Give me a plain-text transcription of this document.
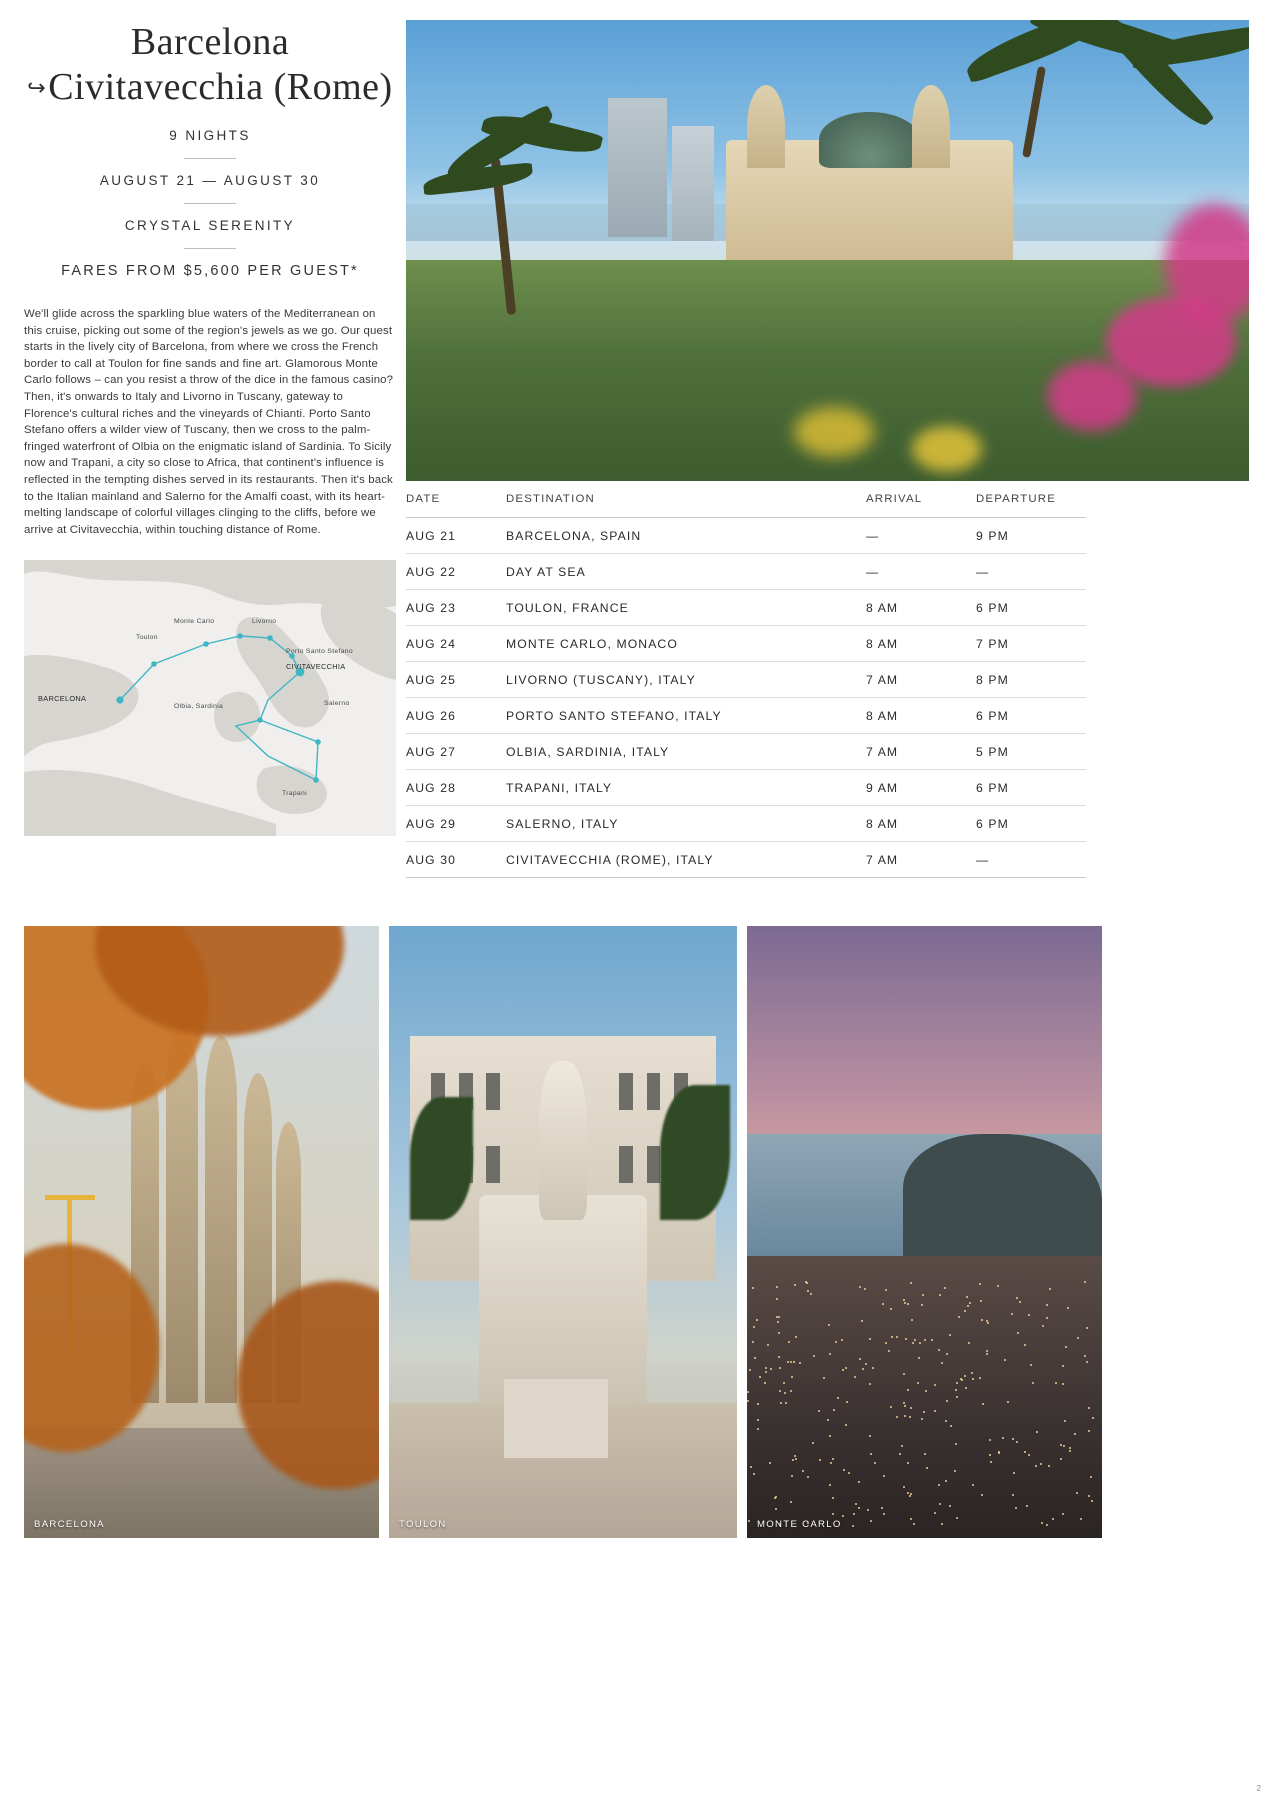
Barcelona
↪Civitavecchia (Rome)
9 NIGHTS
AUGUST 21 — AUGUST 30
CRYSTAL SERENITY
FARES FROM $5,600 PER GUEST*
We'll glide across the sparkling blue waters of the Mediterranean on this cruise, picking out some of the region's jewels as we go. Our quest starts in the lively city of Barcelona, from where we cross the French border to call at Toulon for fine sands and fine art. Glamorous Monte Carlo follows – can you resist a throw of the dice in the famous casino? Then, it's onwards to Italy and Livorno in Tuscany, gateway to Florence's cultural riches and the vineyards of Chianti. Porto Santo Stefano offers a wilder view of Tuscany, then we cross to the palm-fringed waterfront of Olbia on the enigmatic island of Sardinia. To Sicily now and Trapani, a city so close to Africa, that continent's influence is reflected in the tempting dishes served in its restaurants. Then it's back to the Italian mainland and Salerno for the Amalfi coast, with its heart-melting landscape of colorful villages clinging to the cliffs, before we arrive at Civitavecchia, within touching distance of Rome.
Monte Carlo	Livorno
Toulon
Porto Santo Stefano
CIVITAVECCHIA
BARCELONA
Olbia, Sardinia	Salerno
Trapani
DATE	DESTINATION	ARRIVAL	DEPARTURE
AUG 21	BARCELONA, SPAIN	—	9 PM
AUG 22	DAY AT SEA	—	—
AUG 23	TOULON, FRANCE	8 AM	6 PM
AUG 24	MONTE CARLO, MONACO	8 AM	7 PM
AUG 25	LIVORNO (TUSCANY), ITALY	7 AM	8 PM
AUG 26	PORTO SANTO STEFANO, ITALY	8 AM	6 PM
AUG 27	OLBIA, SARDINIA, ITALY	7 AM	5 PM
AUG 28	TRAPANI, ITALY	9 AM	6 PM
AUG 29	SALERNO, ITALY	8 AM	6 PM
AUG 30	CIVITAVECCHIA (ROME), ITALY	7 AM	—
BARCELONA	TOULON	MONTE CARLO
2
